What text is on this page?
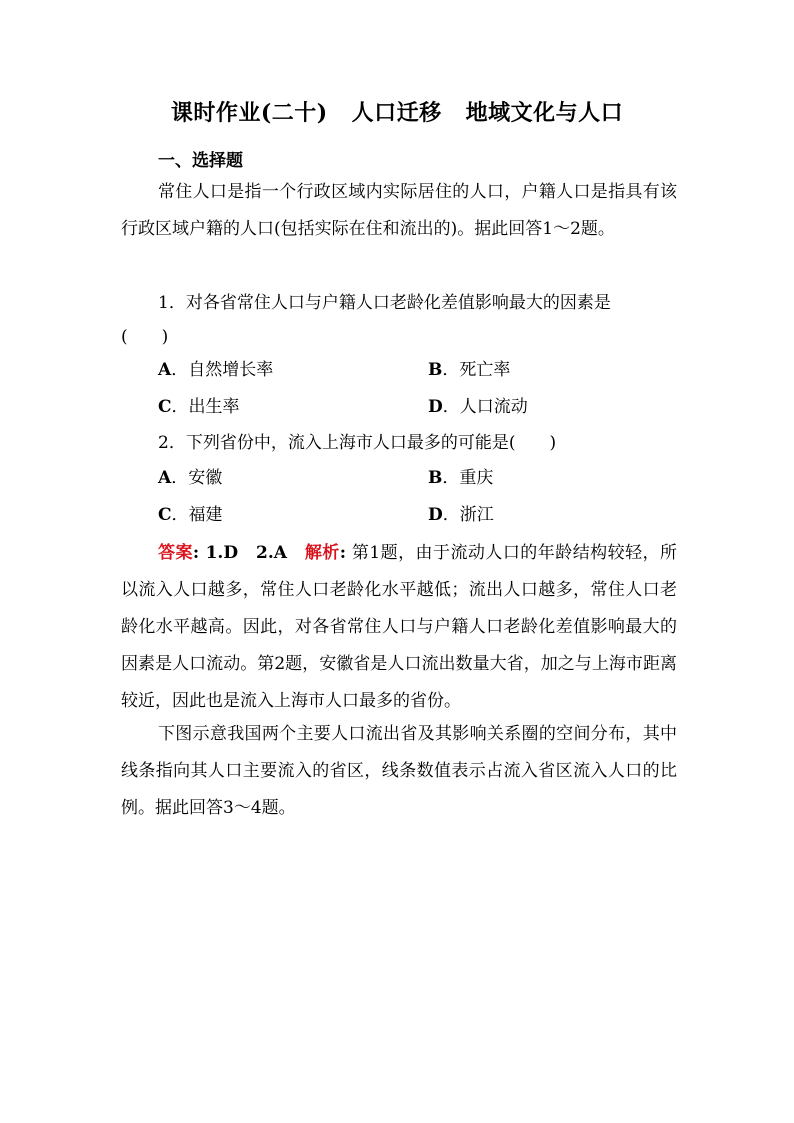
课时作业(二十) 人口迁移 地域文化与人口
一、选择题
常住人口是指一个行政区域内实际居住的人口，户籍人口是指具有该行政区域户籍的人口(包括实际在住和流出的)。据此回答1～2题。
1．对各省常住人口与户籍人口老龄化差值影响最大的因素是
(　　)
A．自然增长率	B．死亡率
C．出生率	D．人口流动
2．下列省份中，流入上海市人口最多的可能是(　　)
A．安徽	B．重庆
C．福建	D．浙江
答案: 1.D　2.A　解析: 第1题，由于流动人口的年龄结构较轻，所以流入人口越多，常住人口老龄化水平越低；流出人口越多，常住人口老龄化水平越高。因此，对各省常住人口与户籍人口老龄化差值影响最大的因素是人口流动。第2题，安徽省是人口流出数量大省，加之与上海市距离较近，因此也是流入上海市人口最多的省份。
下图示意我国两个主要人口流出省及其影响关系圈的空间分布，其中线条指向其人口主要流入的省区，线条数值表示占流入省区流入人口的比例。据此回答3～4题。
